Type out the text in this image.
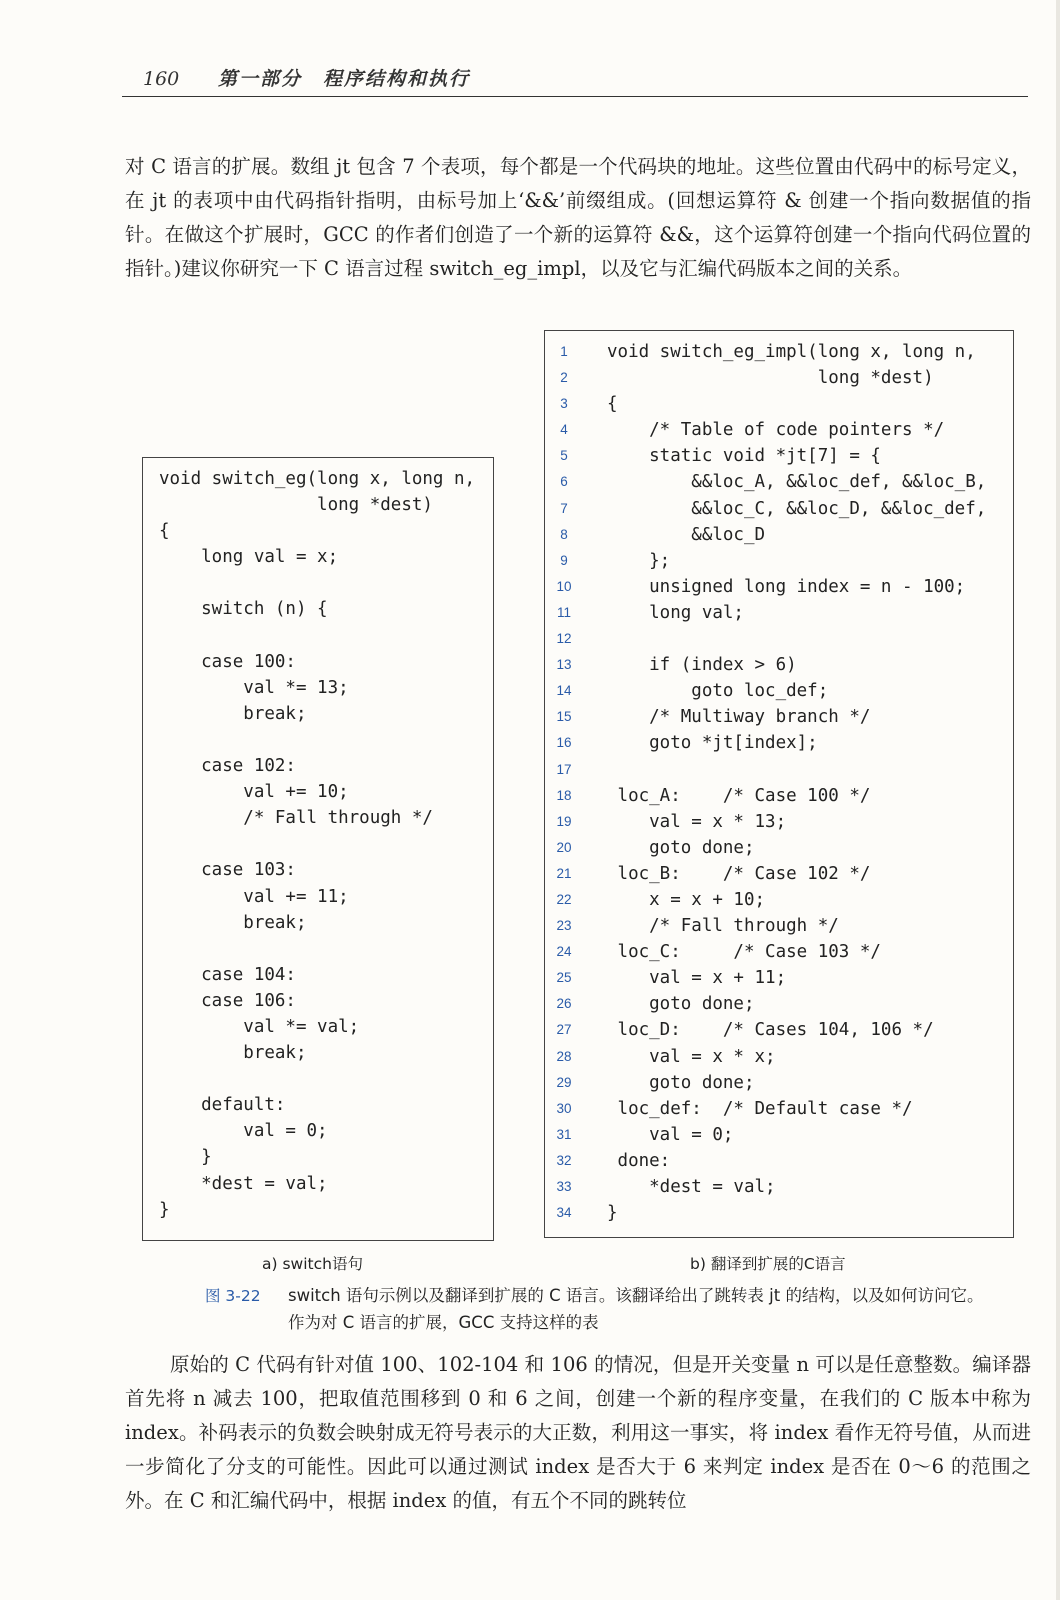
160 第一部分　程序结构和执行

对 C 语言的扩展。数组 jt 包含 7 个表项，每个都是一个代码块的地址。这些位置由代码中的标号定义，在 jt 的表项中由代码指针指明，由标号加上‘&&’前缀组成。(回想运算符 & 创建一个指向数据值的指针。在做这个扩展时，GCC 的作者们创造了一个新的运算符 &&，这个运算符创建一个指向代码位置的指针。)建议你研究一下 C 语言过程 switch_eg_impl，以及它与汇编代码版本之间的关系。

void switch_eg(long x, long n,
long *dest)
{
long val = x;

switch (n) {

case 100:
val *= 13;
break;

case 102:
val += 10;
/* Fall through */

case 103:
val += 11;
break;

case 104:
case 106:
val *= val;
break;

default:
val = 0;
}
*dest = val;
}
1
2
3
4
5
6
7
8
9
10
11
12
13
14
15
16
17
18
19
20
21
22
23
24
25
26
27
28
29
30
31
32
33
34
void switch_eg_impl(long x, long n,
long *dest)
{
/* Table of code pointers */
static void *jt[7] = {
&&loc_A, &&loc_def, &&loc_B,
&&loc_C, &&loc_D, &&loc_def,
&&loc_D
};
unsigned long index = n - 100;
long val;

if (index > 6)
goto loc_def;
/* Multiway branch */
goto *jt[index];

loc_A:    /* Case 100 */
val = x * 13;
goto done;
loc_B:    /* Case 102 */
x = x + 10;
/* Fall through */
loc_C:     /* Case 103 */
val = x + 11;
goto done;
loc_D:    /* Cases 104, 106 */
val = x * x;
goto done;
loc_def:  /* Default case */
val = 0;
done:
*dest = val;
}
a) switch语句	b) 翻译到扩展的C语言
图 3-22 switch 语句示例以及翻译到扩展的 C 语言。该翻译给出了跳转表 jt 的结构，以及如何访问它。作为对 C 语言的扩展，GCC 支持这样的表

原始的 C 代码有针对值 100、102-104 和 106 的情况，但是开关变量 n 可以是任意整数。编译器首先将 n 减去 100，把取值范围移到 0 和 6 之间，创建一个新的程序变量，在我们的 C 版本中称为 index。补码表示的负数会映射成无符号表示的大正数，利用这一事实，将 index 看作无符号值，从而进一步简化了分支的可能性。因此可以通过测试 index 是否大于 6 来判定 index 是否在 0～6 的范围之外。在 C 和汇编代码中，根据 index 的值，有五个不同的跳转位
